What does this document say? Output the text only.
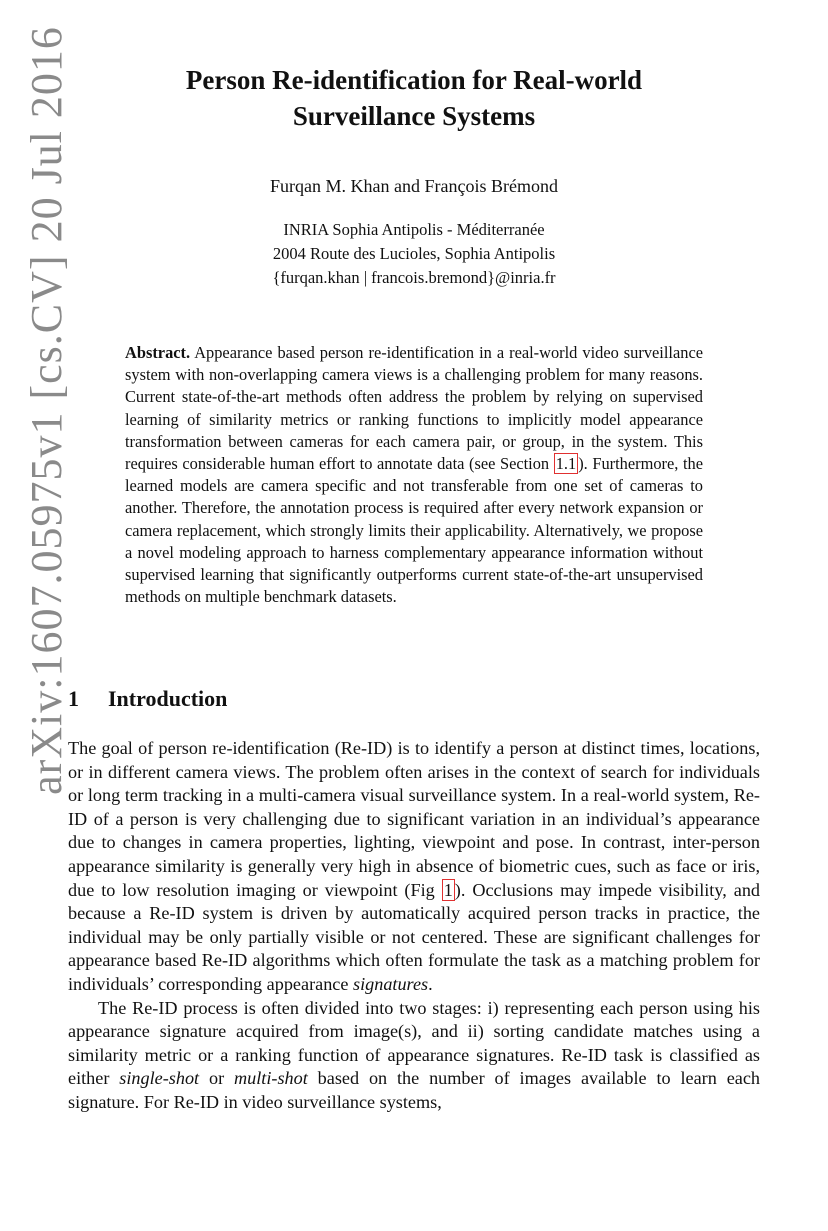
arXiv:1607.05975v1 [cs.CV] 20 Jul 2016	Person Re-identification for Real-world
Surveillance Systems
Furqan M. Khan and François Brémond
INRIA Sophia Antipolis - Méditerranée
2004 Route des Lucioles, Sophia Antipolis
{furqan.khan | francois.bremond}@inria.fr

Abstract. Appearance based person re-identification in a real-world video surveillance system with non-overlapping camera views is a challenging problem for many reasons. Current state-of-the-art methods often address the problem by relying on supervised learning of similarity metrics or ranking functions to implicitly model appearance transformation between cameras for each camera pair, or group, in the system. This requires considerable human effort to annotate data (see Section 1.1 ). Furthermore, the learned models are camera specific and not transferable from one set of cameras to another. Therefore, the annotation process is required after every network expansion or camera replacement, which strongly limits their applicability. Alternatively, we propose a novel modeling approach to harness complementary appearance information without supervised learning that significantly outperforms current state-of-the-art unsupervised methods on multiple benchmark datasets.

1 Introduction

The goal of person re-identification (Re-ID) is to identify a person at distinct times, locations, or in different camera views. The problem often arises in the context of search for individuals or long term tracking in a multi-camera visual surveillance system. In a real-world system, Re-ID of a person is very challenging due to significant variation in an individual’s appearance due to changes in camera properties, lighting, viewpoint and pose. In contrast, inter-person appearance similarity is generally very high in absence of biometric cues, such as face or iris, due to low resolution imaging or viewpoint (Fig 1 ). Occlusions may impede visibility, and because a Re-ID system is driven by automatically acquired person tracks in practice, the individual may be only partially visible or not centered. These are significant challenges for appearance based Re-ID algorithms which often formulate the task as a matching problem for individuals’ corresponding appearance signatures.

The Re-ID process is often divided into two stages: i) representing each person using his appearance signature acquired from image(s), and ii) sorting candidate matches using a similarity metric or a ranking function of appearance signatures. Re-ID task is classified as either single-shot or multi-shot based on the number of images available to learn each signature. For Re-ID in video surveillance systems,
